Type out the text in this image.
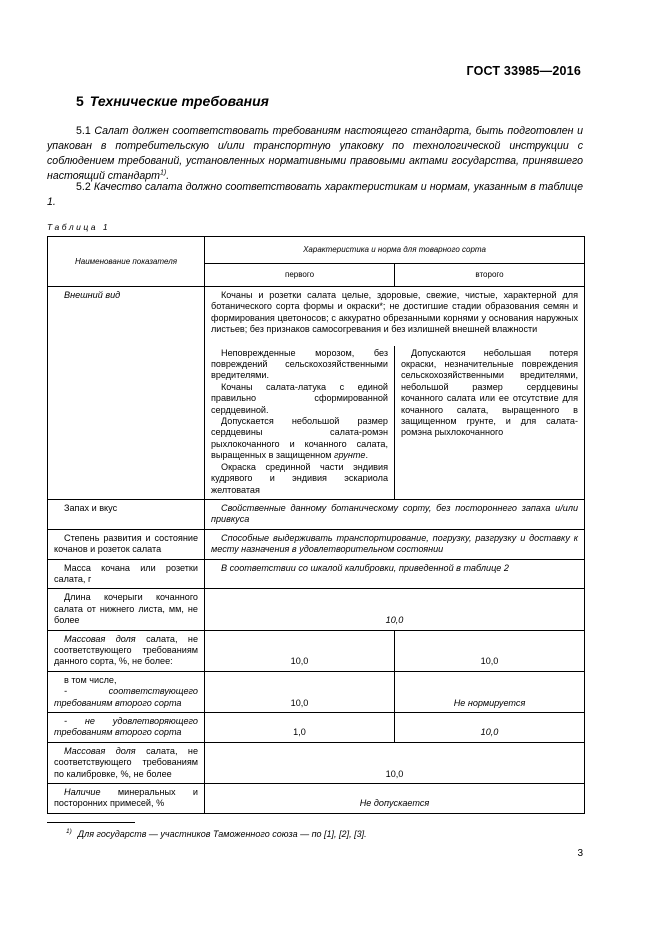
ГОСТ 33985—2016
5 Технические требования
5.1 Салат должен соответствовать требованиям настоящего стандарта, быть подготовлен и упакован в потребительскую и/или транспортную упаковку по технологической инструкции с соблюдением требований, установленных нормативными правовыми актами государства, принявшего настоящий стандарт$^{1)}$.
5.2 Качество салата должно соответствовать характеристикам и нормам, указанным в таблице 1.
Таблица 1
Наименование показателя	Характеристика и норма для товарного сорта
первого	второго
Внешний вид		Кочаны и розетки салата целые, здоровые, свежие, чистые, характерной для ботанического сорта формы и окраски*; не достигшие стадии образования семян и формирования цветоносов; с аккуратно обрезанными корнями у основания наружных листьев; без признаков самосогревания и без излишней внешней влажности

Неповрежденные морозом, без повреждений сельскохозяйственными вредителями.
Кочаны салата-латука с единой правильно сформированной сердцевиной.
Допускается небольшой размер сердцевины салата-ромэн рыхлокочанного и кочанного салата, выращенных в защищенном грунте.
Окраска срединной части эндивия кудрявого и эндивия эскариола желтоватая
	Допускаются небольшая потеря окраски, незначительные повреждения сельскохозяйственными вредителями, небольшой размер сердцевины кочанного салата или ее отсутствие для кочанного салата, выращенного в защищенном грунте, и для салата-ромэна рыхлокочанного

Запах и вкус	Свойственные данному ботаническому сорту, без постороннего запаха и/или привкуса
Степень развития и состояние кочанов и розеток салата	Способные выдерживать транспортирование, погрузку, разгрузку и доставку к месту назначения в удовлетворительном состоянии
Масса кочана или розетки салата, г	В соответствии со шкалой калибровки, приведенной в таблице 2
Длина кочерыги кочанного салата от нижнего листа, мм, не более	10,0
Массовая доля салата, не соответствующего требованиям данного сорта, %, не более:	10,0	10,0

в том числе,
- соответствующего требованиям второго сорта	10,0	Не нормируется
- не удовлетворяющего требованиям второго сорта	1,0	10,0
Массовая доля салата, не соответствующего требованиям по калибровке, %, не более	10,0
Наличие минеральных и посторонних примесей, %	Не допускается
$^{1)}$ Для государств — участников Таможенного союза — по [1], [2], [3].
3
